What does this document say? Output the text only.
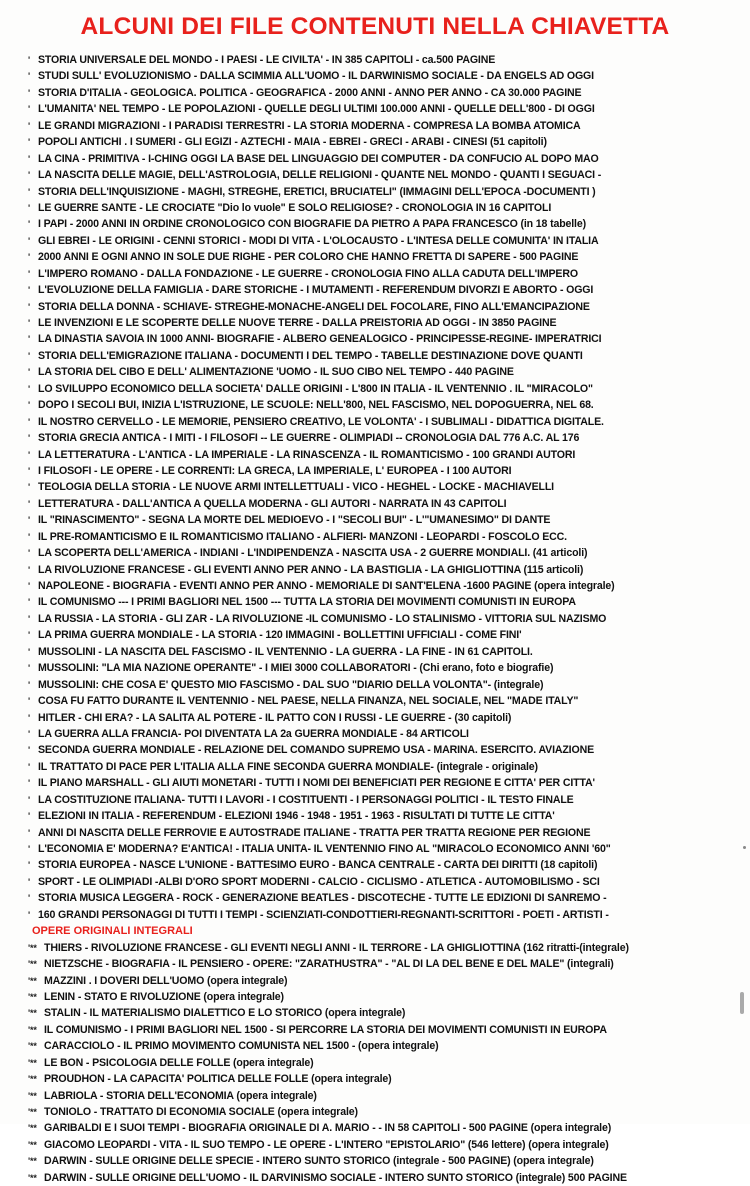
ALCUNI DEI FILE CONTENUTI NELLA CHIAVETTA
' STORIA UNIVERSALE DEL MONDO - I PAESI - LE CIVILTA' - IN 385 CAPITOLI - ca.500 PAGINE
' STUDI SULL' EVOLUZIONISMO - DALLA SCIMMIA ALL'UOMO - IL DARWINISMO SOCIALE - DA ENGELS AD OGGI
' STORIA D'ITALIA - GEOLOGICA. POLITICA - GEOGRAFICA - 2000 ANNI - ANNO PER ANNO - CA 30.000 PAGINE
' L'UMANITA' NEL TEMPO - LE POPOLAZIONI - QUELLE DEGLI ULTIMI 100.000 ANNI - QUELLE DELL'800 - DI OGGI
' LE GRANDI MIGRAZIONI - I PARADISI TERRESTRI - LA STORIA MODERNA - COMPRESA LA BOMBA ATOMICA
' POPOLI ANTICHI . I SUMERI - GLI EGIZI - AZTECHI - MAIA - EBREI - GRECI - ARABI - CINESI (51 capitoli)
' LA CINA - PRIMITIVA - I-CHING OGGI LA BASE DEL LINGUAGGIO DEI COMPUTER - DA CONFUCIO AL DOPO MAO
' LA NASCITA DELLE MAGIE, DELL'ASTROLOGIA, DELLE RELIGIONI - QUANTE NEL MONDO - QUANTI I SEGUACI -
' STORIA DELL'INQUISIZIONE - MAGHI, STREGHE, ERETICI, BRUCIATELI" (IMMAGINI DELL'EPOCA -DOCUMENTI )
' LE GUERRE SANTE - LE CROCIATE "Dio lo vuole" E SOLO RELIGIOSE? - CRONOLOGIA IN 16 CAPITOLI
' I PAPI - 2000 ANNI IN ORDINE CRONOLOGICO CON BIOGRAFIE DA PIETRO A PAPA FRANCESCO (in 18 tabelle)
' GLI EBREI - LE ORIGINI - CENNI STORICI - MODI DI VITA - L'OLOCAUSTO - L'INTESA DELLE COMUNITA' IN ITALIA
' 2000 ANNI E OGNI ANNO IN SOLE DUE RIGHE - PER COLORO CHE HANNO FRETTA DI SAPERE - 500 PAGINE
' L'IMPERO ROMANO - DALLA FONDAZIONE - LE GUERRE - CRONOLOGIA FINO ALLA CADUTA DELL'IMPERO
' L'EVOLUZIONE DELLA FAMIGLIA - DARE STORICHE - I MUTAMENTI - REFERENDUM DIVORZI E ABORTO - OGGI
' STORIA DELLA DONNA - SCHIAVE- STREGHE-MONACHE-ANGELI DEL FOCOLARE, FINO ALL'EMANCIPAZIONE
' LE INVENZIONI E LE SCOPERTE DELLE NUOVE TERRE - DALLA PREISTORIA AD OGGI - IN 3850 PAGINE
' LA DINASTIA SAVOIA IN 1000 ANNI- BIOGRAFIE - ALBERO GENEALOGICO - PRINCIPESSE-REGINE- IMPERATRICI
' STORIA DELL'EMIGRAZIONE ITALIANA - DOCUMENTI I DEL TEMPO - TABELLE DESTINAZIONE DOVE QUANTI
' LA STORIA DEL CIBO E DELL' ALIMENTAZIONE 'UOMO - IL SUO CIBO NEL TEMPO - 440 PAGINE
' LO SVILUPPO ECONOMICO DELLA SOCIETA' DALLE ORIGINI - L'800 IN ITALIA - IL VENTENNIO . IL "MIRACOLO"
' DOPO I SECOLI BUI, INIZIA L'ISTRUZIONE, LE SCUOLE: NELL'800, NEL FASCISMO, NEL DOPOGUERRA, NEL 68.
' IL NOSTRO CERVELLO - LE MEMORIE, PENSIERO CREATIVO, LE VOLONTA' - I SUBLIMALI - DIDATTICA DIGITALE.
' STORIA GRECIA ANTICA - I MITI - I FILOSOFI -- LE GUERRE - OLIMPIADI -- CRONOLOGIA DAL 776 A.C. AL 176
' LA LETTERATURA - L'ANTICA - LA IMPERIALE - LA RINASCENZA - IL ROMANTICISMO - 100 GRANDI AUTORI
' I FILOSOFI - LE OPERE - LE CORRENTI: LA GRECA, LA IMPERIALE, L' EUROPEA - I 100 AUTORI
' TEOLOGIA DELLA STORIA - LE NUOVE ARMI INTELLETTUALI - VICO - HEGHEL - LOCKE - MACHIAVELLI
' LETTERATURA - DALL'ANTICA A QUELLA MODERNA - GLI AUTORI - NARRATA IN 43 CAPITOLI
' IL "RINASCIMENTO" - SEGNA LA MORTE DEL MEDIOEVO - I "SECOLI BUI" - L'"UMANESIMO" DI DANTE
' IL PRE-ROMANTICISMO E IL ROMANTICISMO ITALIANO - ALFIERI- MANZONI - LEOPARDI - FOSCOLO ECC.
' LA SCOPERTA DELL'AMERICA - INDIANI - L'INDIPENDENZA - NASCITA USA - 2 GUERRE MONDIALI. (41 articoli)
' LA RIVOLUZIONE FRANCESE - GLI EVENTI ANNO PER ANNO - LA BASTIGLIA - LA GHIGLIOTTINA (115 articoli)
' NAPOLEONE - BIOGRAFIA - EVENTI ANNO PER ANNO - MEMORIALE DI SANT'ELENA -1600 PAGINE (opera integrale)
' IL COMUNISMO --- I PRIMI BAGLIORI NEL 1500 --- TUTTA LA STORIA DEI MOVIMENTI COMUNISTI IN EUROPA
' LA RUSSIA - LA STORIA - GLI ZAR - LA RIVOLUZIONE -IL COMUNISMO - LO STALINISMO - VITTORIA SUL NAZISMO
' LA PRIMA GUERRA MONDIALE - LA STORIA - 120 IMMAGINI - BOLLETTINI UFFICIALI - COME FINI'
' MUSSOLINI - LA NASCITA DEL FASCISMO - IL VENTENNIO - LA GUERRA - LA FINE - IN 61 CAPITOLI.
' MUSSOLINI: "LA MIA NAZIONE OPERANTE" - I MIEI 3000 COLLABORATORI - (Chi erano, foto e biografie)
' MUSSOLINI: CHE COSA E' QUESTO MIO FASCISMO - DAL SUO "DIARIO DELLA VOLONTA"- (integrale)
' COSA FU FATTO DURANTE IL VENTENNIO - NEL PAESE, NELLA FINANZA, NEL SOCIALE, NEL "MADE ITALY"
' HITLER - CHI ERA? - LA SALITA AL POTERE - IL PATTO CON I RUSSI - LE GUERRE - (30 capitoli)
' LA GUERRA ALLA FRANCIA- POI DIVENTATA LA 2a GUERRA MONDIALE - 84 ARTICOLI
' SECONDA GUERRA MONDIALE - RELAZIONE DEL COMANDO SUPREMO USA - MARINA. ESERCITO. AVIAZIONE
' IL TRATTATO DI PACE PER L'ITALIA ALLA FINE SECONDA GUERRA MONDIALE- (integrale - originale)
' IL PIANO MARSHALL - GLI AIUTI MONETARI - TUTTI I NOMI DEI BENEFICIATI PER REGIONE E CITTA' PER CITTA'
' LA COSTITUZIONE ITALIANA- TUTTI I LAVORI - I COSTITUENTI - I PERSONAGGI POLITICI - IL TESTO FINALE
' ELEZIONI IN ITALIA - REFERENDUM - ELEZIONI 1946 - 1948 - 1951 - 1963 - RISULTATI DI TUTTE LE CITTA'
' ANNI DI NASCITA DELLE FERROVIE E AUTOSTRADE ITALIANE - TRATTA PER TRATTA REGIONE PER REGIONE
' L'ECONOMIA E' MODERNA? E'ANTICA! - ITALIA UNITA- IL VENTENNIO FINO AL "MIRACOLO ECONOMICO ANNI '60"
' STORIA EUROPEA - NASCE L'UNIONE - BATTESIMO EURO - BANCA CENTRALE - CARTA DEI DIRITTI (18 capitoli)
' SPORT - LE OLIMPIADI -ALBI D'ORO SPORT MODERNI - CALCIO - CICLISMO - ATLETICA - AUTOMOBILISMO - SCI
' STORIA MUSICA LEGGERA - ROCK - GENERAZIONE BEATLES - DISCOTECHE - TUTTE LE EDIZIONI DI SANREMO -
' 160 GRANDI PERSONAGGI DI TUTTI I TEMPI - SCIENZIATI-CONDOTTIERI-REGNANTI-SCRITTORI - POETI - ARTISTI -
OPERE ORIGINALI INTEGRALI
'** THIERS - RIVOLUZIONE FRANCESE - GLI EVENTI NEGLI ANNI - IL TERRORE - LA GHIGLIOTTINA (162 ritratti-(integrale)
'** NIETZSCHE - BIOGRAFIA - IL PENSIERO - OPERE: "ZARATHUSTRA" - "AL DI LA DEL BENE E DEL MALE" (integrali)
'** MAZZINI . I DOVERI DELL'UOMO (opera integrale)
'** LENIN - STATO E RIVOLUZIONE (opera integrale)
'** STALIN - IL MATERIALISMO DIALETTICO E LO STORICO (opera integrale)
'** IL COMUNISMO - I PRIMI BAGLIORI NEL 1500 - SI PERCORRE LA STORIA DEI MOVIMENTI COMUNISTI IN EUROPA
'** CARACCIOLO - IL PRIMO MOVIMENTO COMUNISTA NEL 1500 - (opera integrale)
'** LE BON - PSICOLOGIA DELLE FOLLE (opera integrale)
'** PROUDHON - LA CAPACITA' POLITICA DELLE FOLLE (opera integrale)
'** LABRIOLA - STORIA DELL'ECONOMIA (opera integrale)
'** TONIOLO - TRATTATO DI ECONOMIA SOCIALE (opera integrale)
'** GARIBALDI E I SUOI TEMPI - BIOGRAFIA ORIGINALE DI A. MARIO - - IN 58 CAPITOLI - 500 PAGINE (opera integrale)
'** GIACOMO LEOPARDI - VITA - IL SUO TEMPO - LE OPERE - L'INTERO "EPISTOLARIO" (546 lettere) (opera integrale)
'** DARWIN - SULLE ORIGINE DELLE SPECIE - INTERO SUNTO STORICO (integrale - 500 PAGINE) (opera integrale)
'** DARWIN - SULLE ORIGINE DELL'UOMO - IL DARVINISMO SOCIALE - INTERO SUNTO STORICO (integrale) 500 PAGINE
